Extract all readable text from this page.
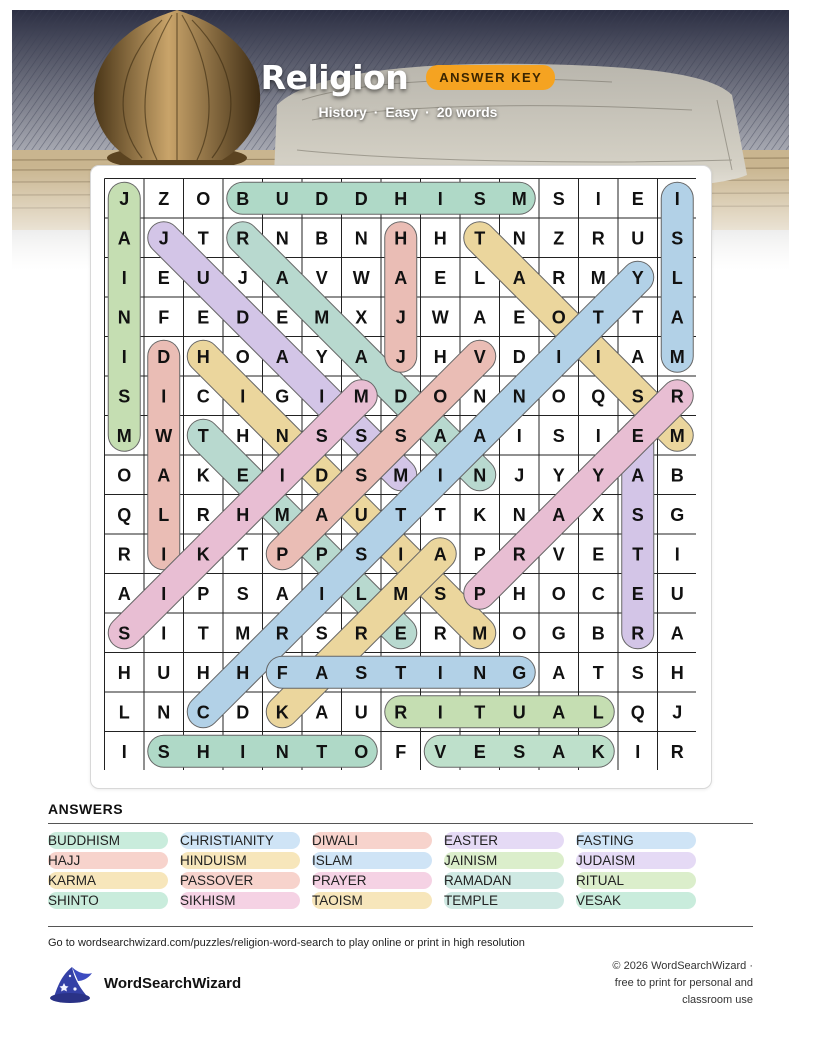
Religion ANSWER KEY
History · Easy · 20 words
J Z O B U D D H I S M S I E I
A J T R N B N H H T N Z R U S
I E U J A V W A E L A R M Y L
N F E D E M X J W A E O T T A
I D H O A Y A J H V D I I A M
S I C I G I M D O N N O Q S R
M W T H N S S S A A I S I E M
O A K E I D S M I N J Y Y A B
Q L R H M A U T T K N A X S G
R I K T P P S I A P R V E T I
A I P S A I L M S P H O C E U
S I T M R S R E R M O G B R A
H U H H F A S T I N G A T S H
L N C D K A U R I T U A L Q J
I S H I N T O F V E S A K I R
ANSWERS
BUDDHISM	CHRISTIANITY	DIWALI	EASTER	FASTING
HAJJ	HINDUISM	ISLAM	JAINISM	JUDAISM
KARMA	PASSOVER	PRAYER	RAMADAN	RITUAL
SHINTO	SIKHISM	TAOISM	TEMPLE	VESAK
Go to wordsearchwizard.com/puzzles/religion-word-search to play online or print in high resolution
WordSearchWizard
© 2026 WordSearchWizard ·
free to print for personal and
classroom use
